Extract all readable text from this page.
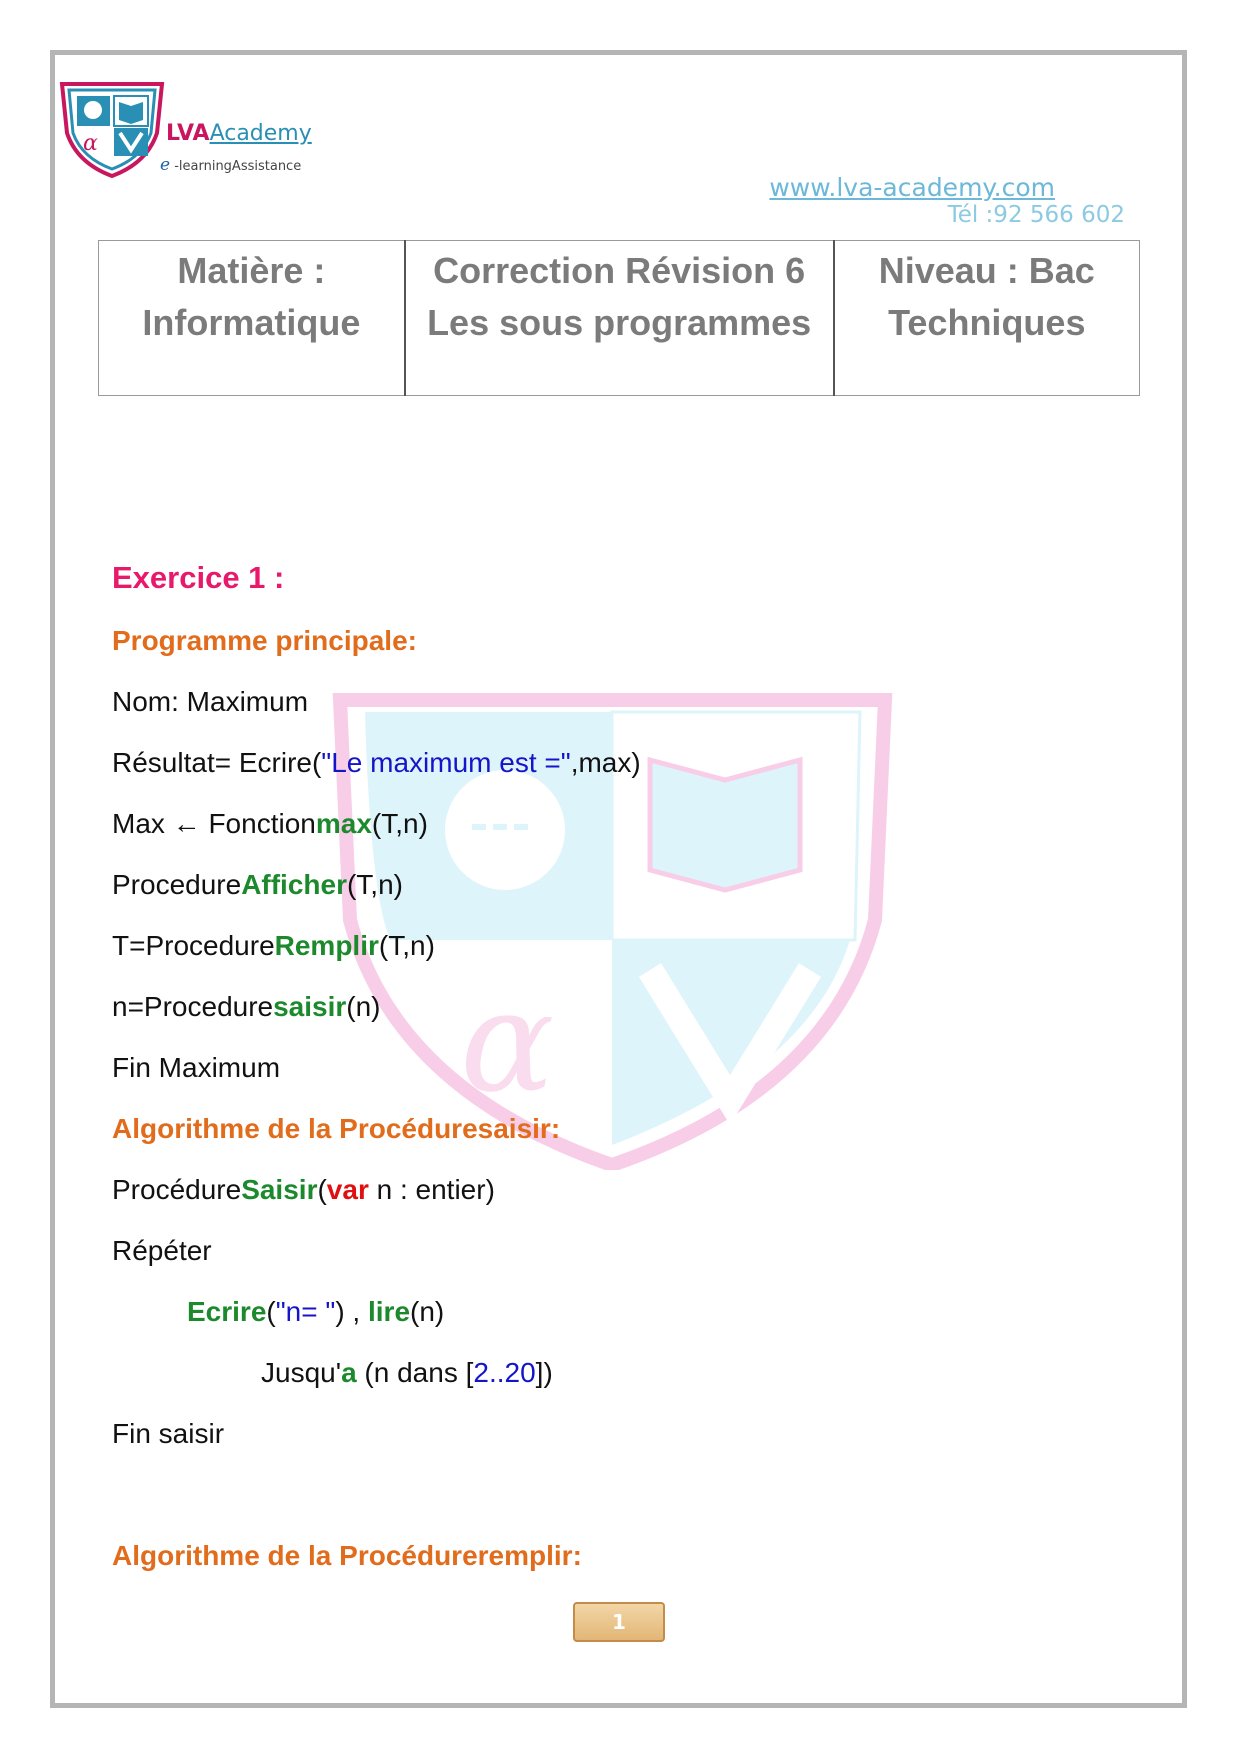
α	LVAAcademy
e -learningAssistance
www.lva-academy.com
Tél :92 566 602
Matière :
Informatique

Correction Révision 6
Les sous programmes

Niveau : Bac
Techniques
α
Exercice 1 :
Programme principale:
Nom: Maximum
Résultat= Ecrire("Le maximum est =",max)
Max ← Fonctionmax(T,n)
ProcedureAfficher(T,n)
T=ProcedureRemplir(T,n)
n=Proceduresaisir(n)
Fin Maximum
Algorithme de la Procéduresaisir:
ProcédureSaisir(var n : entier)
Répéter
Ecrire("n= ") , lire(n)
Jusqu'a (n dans [2..20])
Fin saisir
Algorithme de la Procédureremplir:
1
